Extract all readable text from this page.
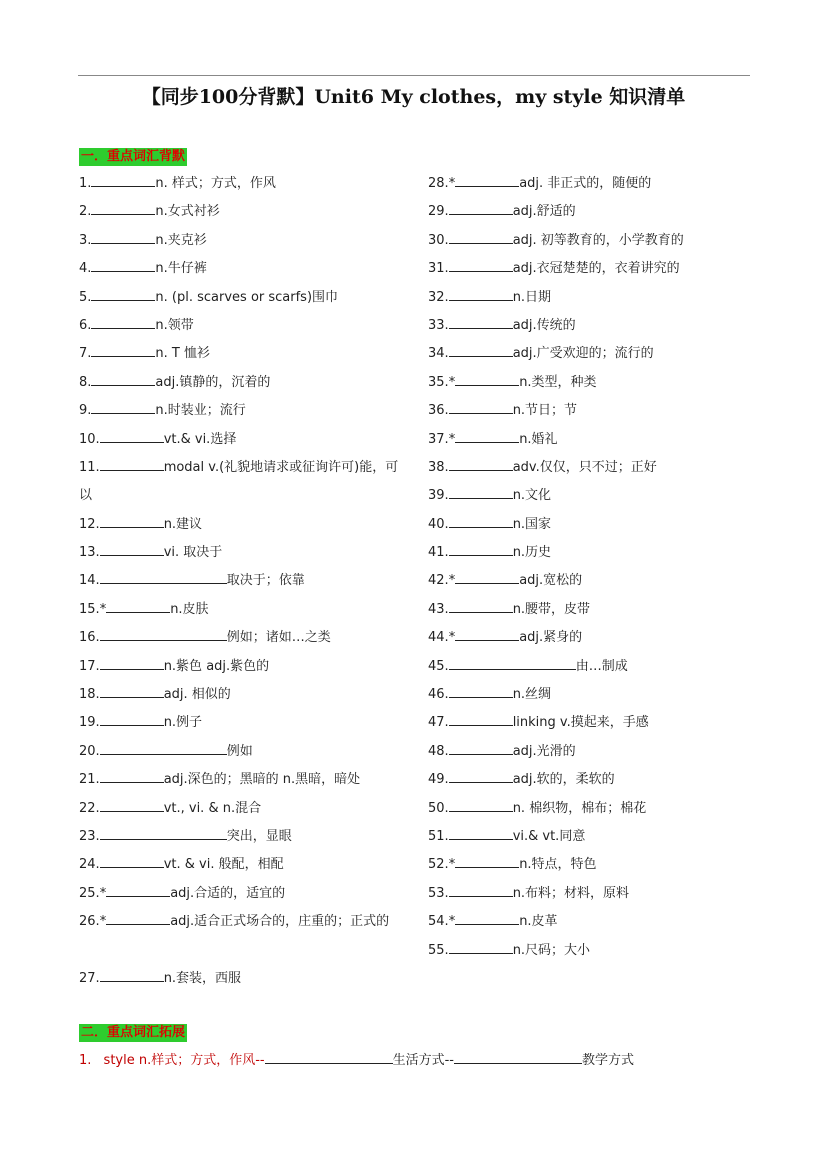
【同步100分背默】Unit6 My clothes，my style 知识清单
一．重点词汇背默
1.	n. 样式；方式，作风
2.	n.女式衬衫
3.	n.夹克衫
4.	n.牛仔裤
5.	n. (pl. scarves or scarfs)围巾
6.	n.领带
7.	n. T 恤衫
8.	adj.镇静的，沉着的
9.	n.时装业；流行
10.	vt.& vi.选择
11.	modal v.(礼貌地请求或征询许可)能，可以
12.	n.建议
13.	vi. 取决于
14.	取决于；依靠
15.*	n.皮肤
16.	例如；诸如…之类
17.	n.紫色 adj.紫色的
18.	adj. 相似的
19.	n.例子
20.	例如
21.	adj.深色的；黑暗的 n.黑暗，暗处
22.	vt., vi. & n.混合
23.	突出，显眼
24.	vt. & vi. 般配，相配
25.*	adj.合适的，适宜的
26.*	adj.适合正式场合的，庄重的；正式的
27.	n.套装，西服
28.*	adj. 非正式的，随便的
29.	adj.舒适的
30.	adj. 初等教育的，小学教育的
31.	adj.衣冠楚楚的，衣着讲究的
32.	n.日期
33.	adj.传统的
34.	adj.广受欢迎的；流行的
35.*	n.类型，种类
36.	n.节日；节
37.*	n.婚礼
38.	adv.仅仅，只不过；正好
39.	n.文化
40.	n.国家
41.	n.历史
42.*	adj.宽松的
43.	n.腰带，皮带
44.*	adj.紧身的
45.	由…制成
46.	n.丝绸
47.	linking v.摸起来，手感
48.	adj.光滑的
49.	adj.软的，柔软的
50.	n. 棉织物，棉布；棉花
51.	vi.& vt.同意
52.*	n.特点，特色
53.	n.布料；材料，原料
54.*	n.皮革
55.	n.尺码；大小
二．重点词汇拓展
1. style n.样式；方式，作风--	生活方式--	教学方式
